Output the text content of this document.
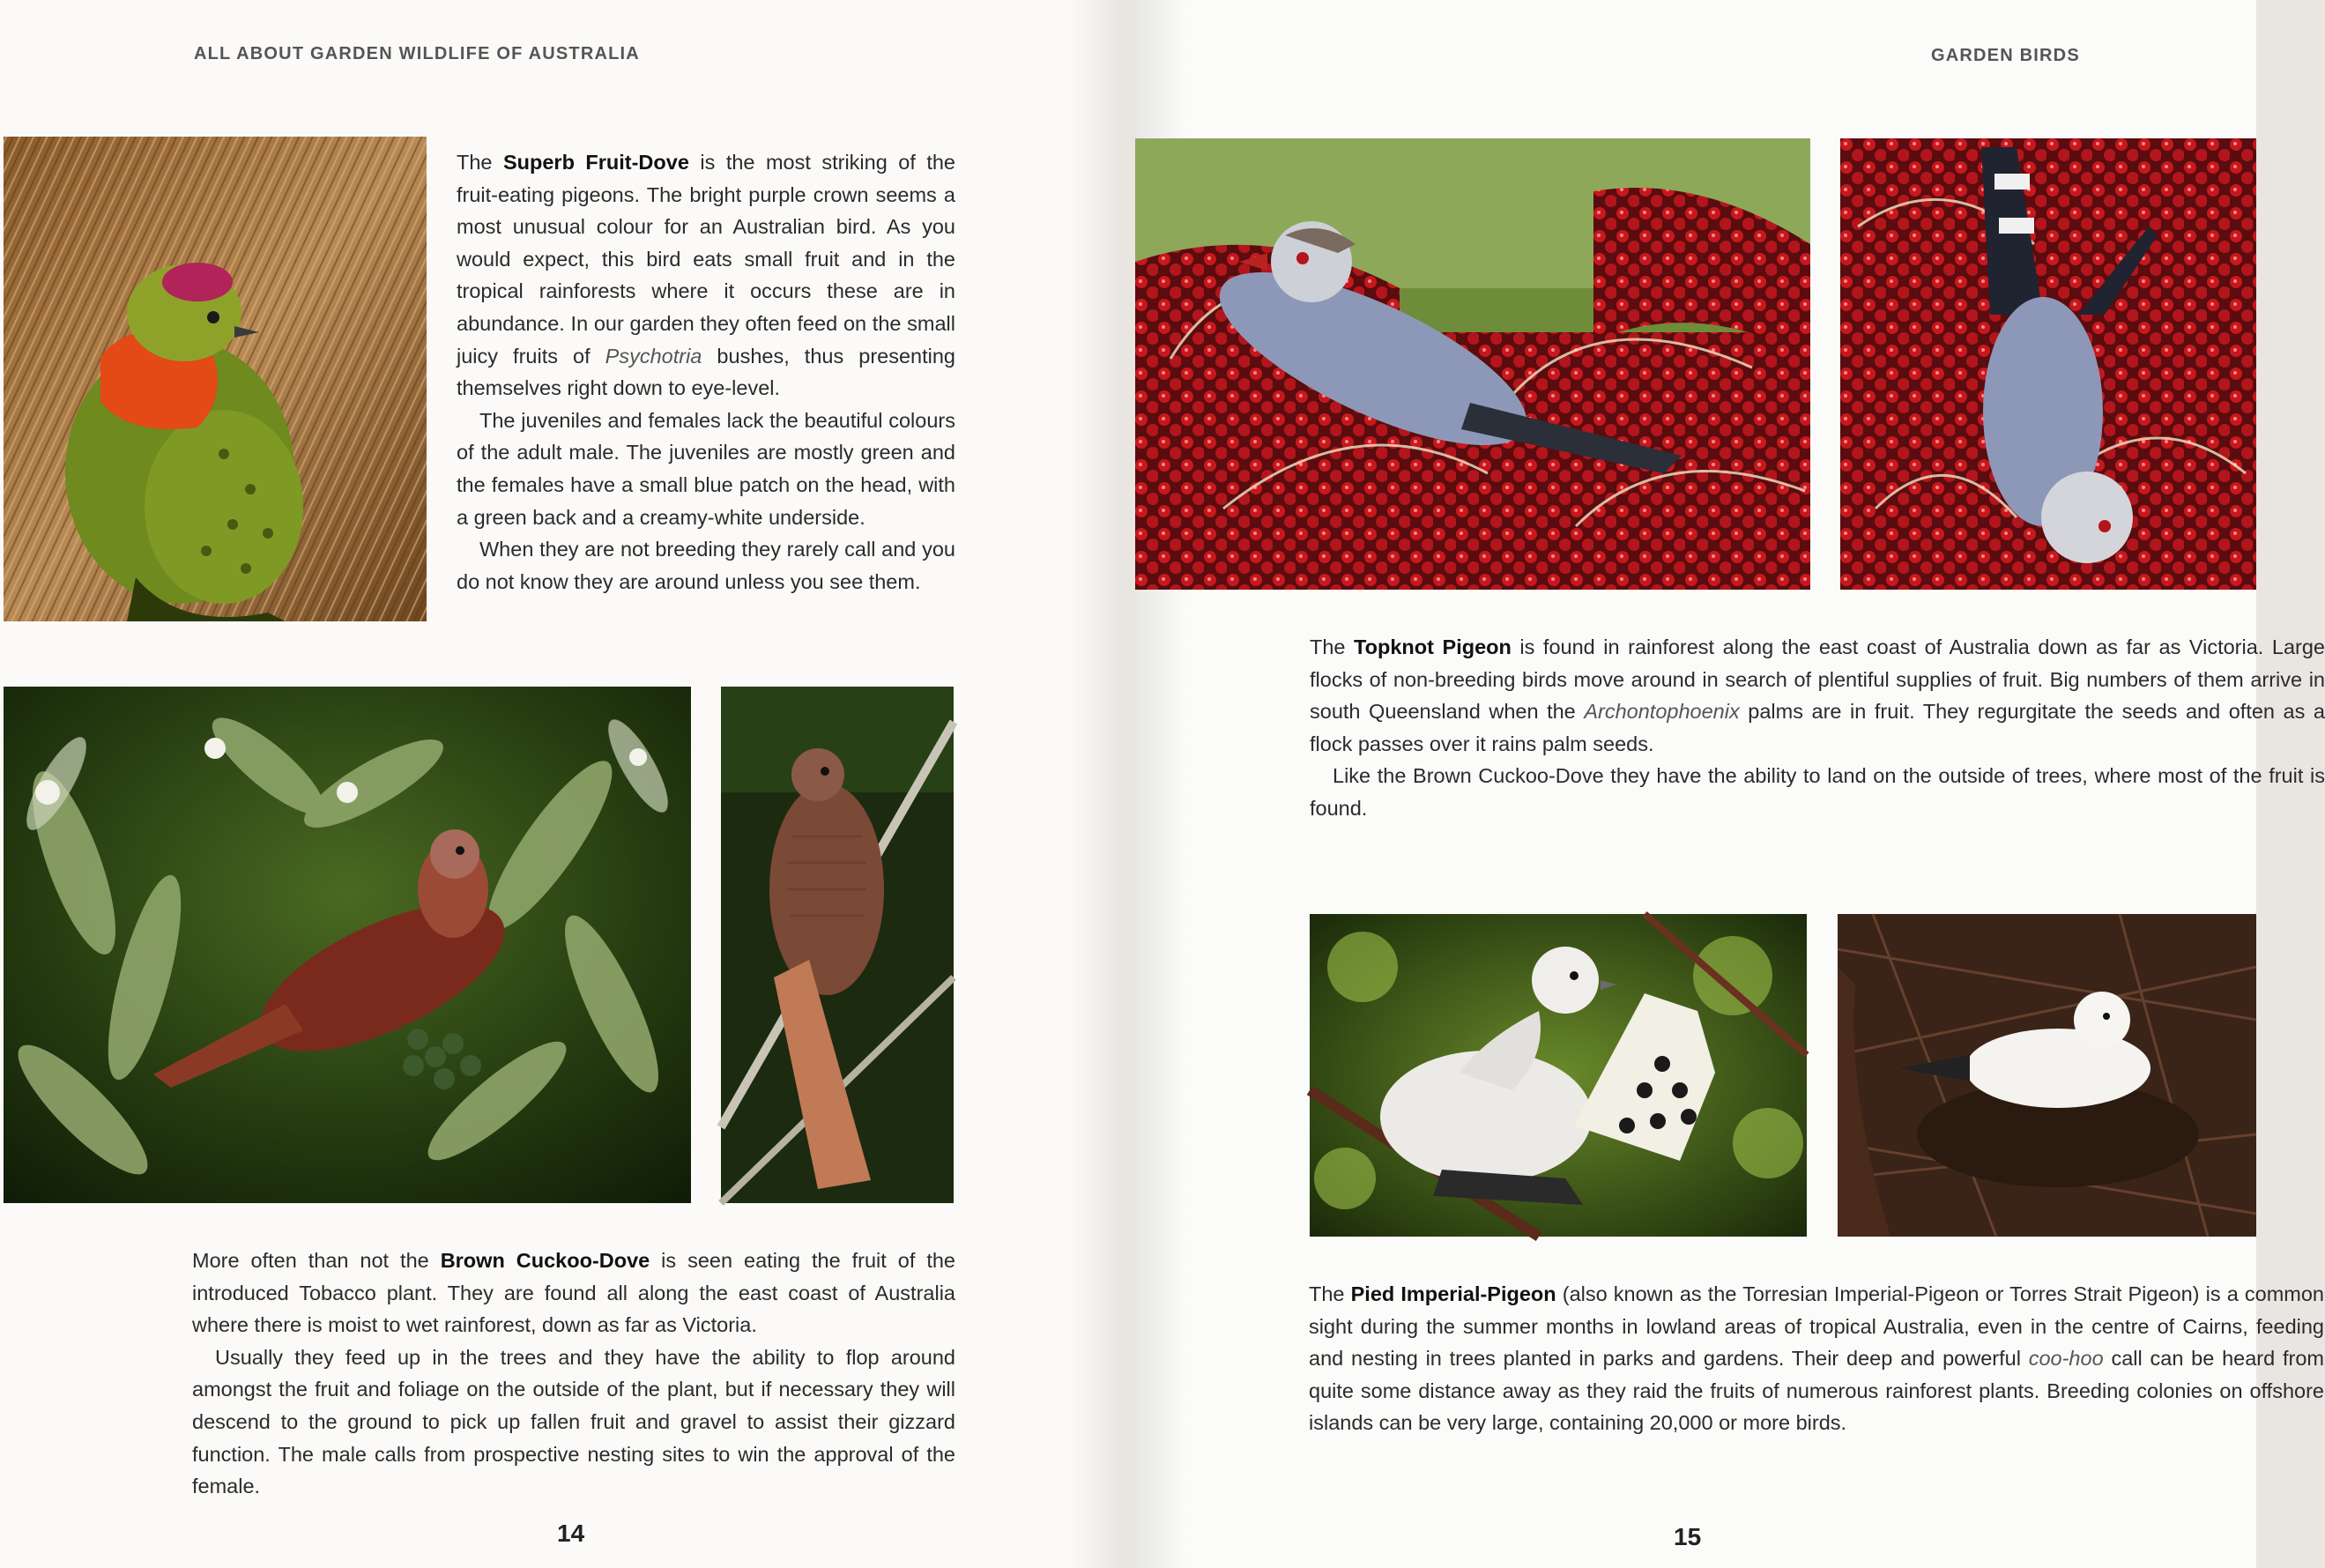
ALL ABOUT GARDEN WILDLIFE OF AUSTRALIA

The Superb Fruit-Dove is the most striking of the fruit-eating pigeons. The bright purple crown seems a most unusual colour for an Australian bird. As you would expect, this bird eats small fruit and in the tropical rainforests where it occurs these are in abundance. In our garden they often feed on the small juicy fruits of Psychotria bushes, thus presenting themselves right down to eye-level.

The juveniles and females lack the beautiful colours of the adult male. The juveniles are mostly green and the females have a small blue patch on the head, with a green back and a creamy-white underside.

When they are not breeding they rarely call and you do not know they are around unless you see them.

More often than not the Brown Cuckoo-Dove is seen eating the fruit of the introduced Tobacco plant. They are found all along the east coast of Australia where there is moist to wet rainforest, down as far as Victoria.

Usually they feed up in the trees and they have the ability to flop around amongst the fruit and foliage on the outside of the plant, but if necessary they will descend to the ground to pick up fallen fruit and gravel to assist their gizzard function. The male calls from prospective nesting sites to win the approval of the female.

14
GARDEN BIRDS

The Topknot Pigeon is found in rainforest along the east coast of Australia down as far as Victoria. Large flocks of non-breeding birds move around in search of plentiful supplies of fruit. Big numbers of them arrive in south Queensland when the Archontophoenix palms are in fruit. They regurgitate the seeds and often as a flock passes over it rains palm seeds.

Like the Brown Cuckoo-Dove they have the ability to land on the outside of trees, where most of the fruit is found.

The Pied Imperial-Pigeon (also known as the Torresian Imperial-Pigeon or Torres Strait Pigeon) is a common sight during the summer months in lowland areas of tropical Australia, even in the centre of Cairns, feeding and nesting in trees planted in parks and gardens. Their deep and powerful coo-hoo call can be heard from quite some distance away as they raid the fruits of numerous rainforest plants. Breeding colonies on offshore islands can be very large, containing 20,000 or more birds.

15
